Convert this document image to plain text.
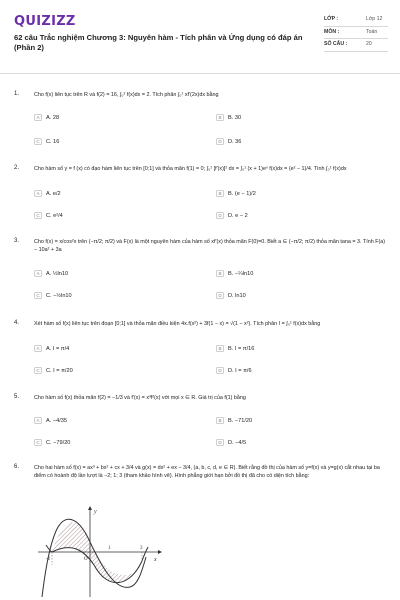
QUIZIZZ
62 câu Trắc nghiệm Chương 3: Nguyên hàm - Tích phân và Ứng dụng có đáp án (Phần 2)
LỚP :	Lớp 12
MÔN :	Toán
SỐ CÂU :	20
1.	Cho f(x) liên tục trên R và f(2) = 16, ∫₀² f(x)dx = 2. Tích phân ∫₀¹ xf′(2x)dx bằng
A	A. 28	B	B. 30
C	C. 16	D	D. 36
2.	Cho hàm số y = f (x) có đạo hàm liên tục trên [0;1] và thỏa mãn f(1) = 0; ∫₀¹ [f′(x)]² dx = ∫₀¹ (x + 1)eˣ f(x)dx = (e² − 1)/4. Tính ∫₀¹ f(x)dx
A	A. e/2	B	B. (e − 1)/2
C	C. e²/4	D	D. e − 2
3.	Cho f(x) = x/cos²x trên (−π/2; π/2) và F(x) là một nguyên hàm của hàm số xf′(x) thỏa mãn F(0)=0. Biết a ∈ (−π/2; π/2) thỏa mãn tana = 3. Tính F(a) − 10a² + 3a
A	A. ½ln10	B	B. −¼ln10
C	C. −½ln10	D	D. ln10
4.	Xét hàm số f(x) liên tục trên đoạn [0;1] và thỏa mãn điều kiện 4x.f(x²) + 3f(1 − x) = √(1 − x²). Tích phân I = ∫₀¹ f(x)dx bằng
A	A. I = π/4	B	B. I = π/16
C	C. I = π/20	D	D. I = π/6
5.	Cho hàm số f(x) thỏa mãn f(2) = −1/3 và f′(x) = x³f²(x) với mọi x ∈ R. Giá trị của f(1) bằng
A	A. −4/35	B	B. −71/20
C	C. −79/20	D	D. −4/5
6.	Cho hai hàm số f(x) = ax³ + bx² + cx + 3/4 và g(x) = dx² + ex − 3/4, (a, b, c, d, e ∈ R). Biết rằng đồ thị của hàm số y=f(x) và y=g(x) cắt nhau tại ba điểm có hoành độ lần lượt là −2; 1; 3 (tham khảo hình vẽ). Hình phẳng giới hạn bởi đồ thị đã cho có diện tích bằng:
y
x
-2	O
1	3
